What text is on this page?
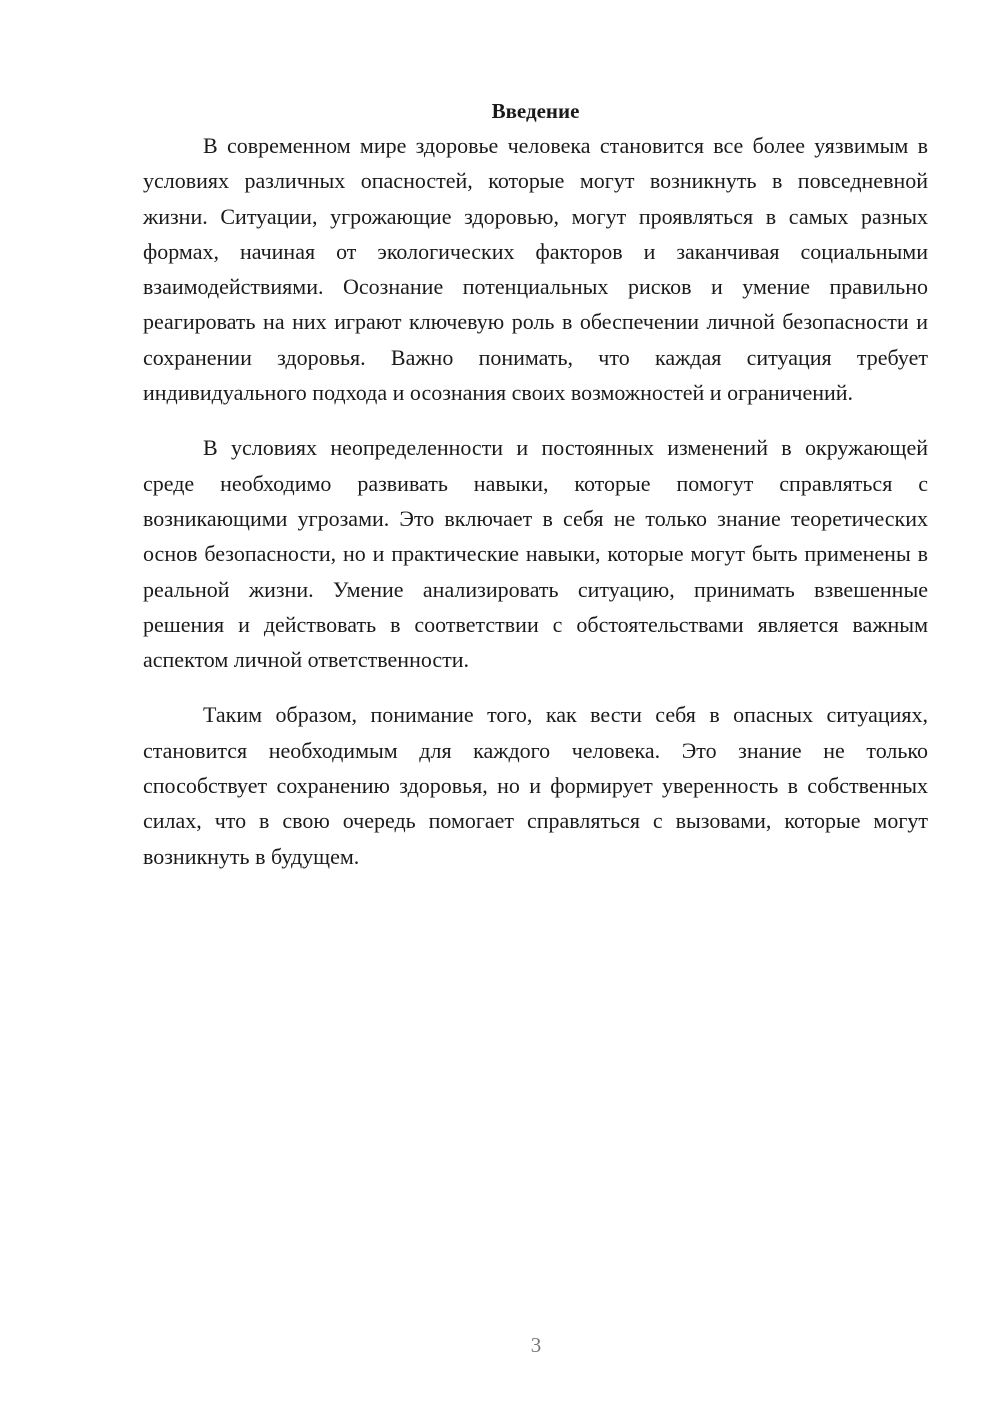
Введение

В современном мире здоровье человека становится все более уязвимым в условиях различных опасностей, которые могут возникнуть в повседневной жизни. Ситуации, угрожающие здоровью, могут проявляться в самых разных формах, начиная от экологических факторов и заканчивая социальными взаимодействиями. Осознание потенциальных рисков и умение правильно реагировать на них играют ключевую роль в обеспечении личной безопасности и сохранении здоровья. Важно понимать, что каждая ситуация требует индивидуального подхода и осознания своих возможностей и ограничений.

В условиях неопределенности и постоянных изменений в окружающей среде необходимо развивать навыки, которые помогут справляться с возникающими угрозами. Это включает в себя не только знание теоретических основ безопасности, но и практические навыки, которые могут быть применены в реальной жизни. Умение анализировать ситуацию, принимать взвешенные решения и действовать в соответствии с обстоятельствами является важным аспектом личной ответственности.

Таким образом, понимание того, как вести себя в опасных ситуациях, становится необходимым для каждого человека. Это знание не только способствует сохранению здоровья, но и формирует уверенность в собственных силах, что в свою очередь помогает справляться с вызовами, которые могут возникнуть в будущем.

3
